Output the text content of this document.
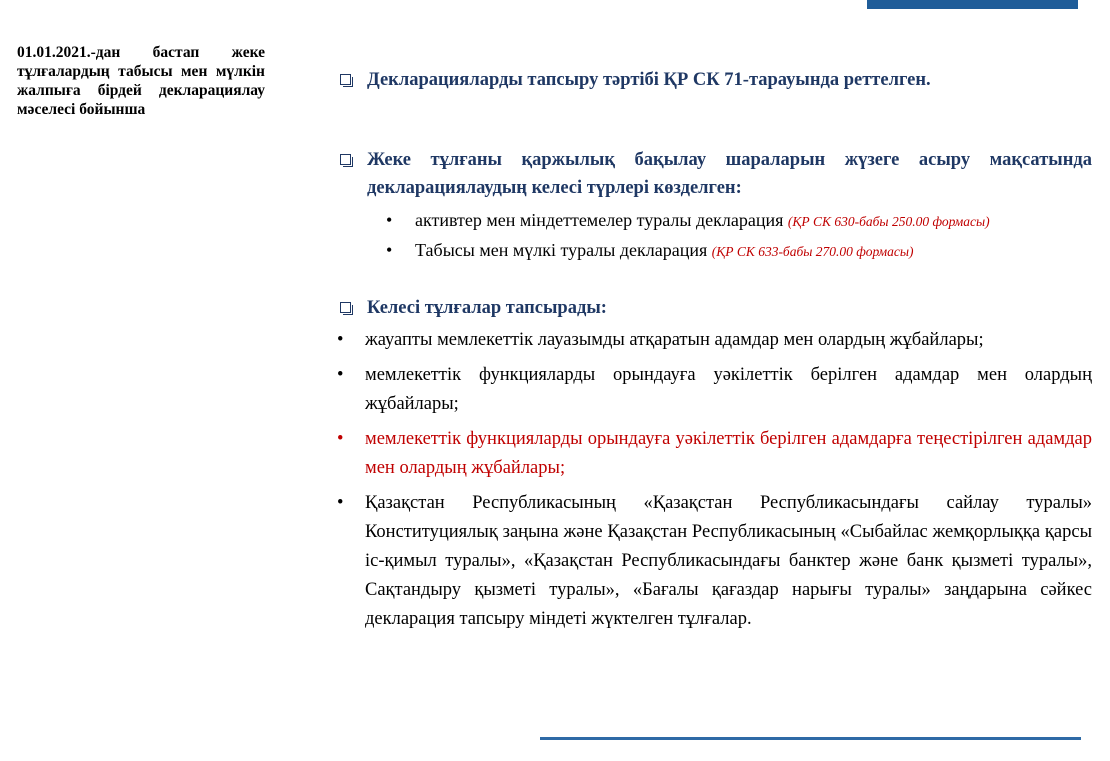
01.01.2021.-дан бастап жеке тұлғалардың табысы мен мүлкін жалпыға бірдей декларациялау мәселесі бойынша
Декларацияларды тапсыру тәртібі ҚР СК 71-тарауында реттелген.
Жеке тұлғаны қаржылық бақылау шараларын жүзеге асыру мақсатында декларациялаудың келесі түрлері көзделген:
• активтер мен міндеттемелер туралы декларация (ҚР СК 630-бабы 250.00 формасы)
• Табысы мен мүлкі туралы декларация (ҚР СК 633-бабы 270.00 формасы)
Келесі тұлғалар тапсырады:
• жауапты мемлекеттік лауазымды атқаратын адамдар мен олардың жұбайлары;
• мемлекеттік функцияларды орындауға уәкілеттік берілген адамдар мен олардың жұбайлары;
• мемлекеттік функцияларды орындауға уәкілеттік берілген адамдарға теңестірілген адамдар мен олардың жұбайлары;
• Қазақстан Республикасының «Қазақстан Республикасындағы сайлау туралы» Конституциялық заңына және Қазақстан Республикасының «Сыбайлас жемқорлыққа қарсы іс-қимыл туралы», «Қазақстан Республикасындағы банктер және банк қызметі туралы», Сақтандыру қызметі туралы», «Бағалы қағаздар нарығы туралы» заңдарына сәйкес декларация тапсыру міндеті жүктелген тұлғалар.
